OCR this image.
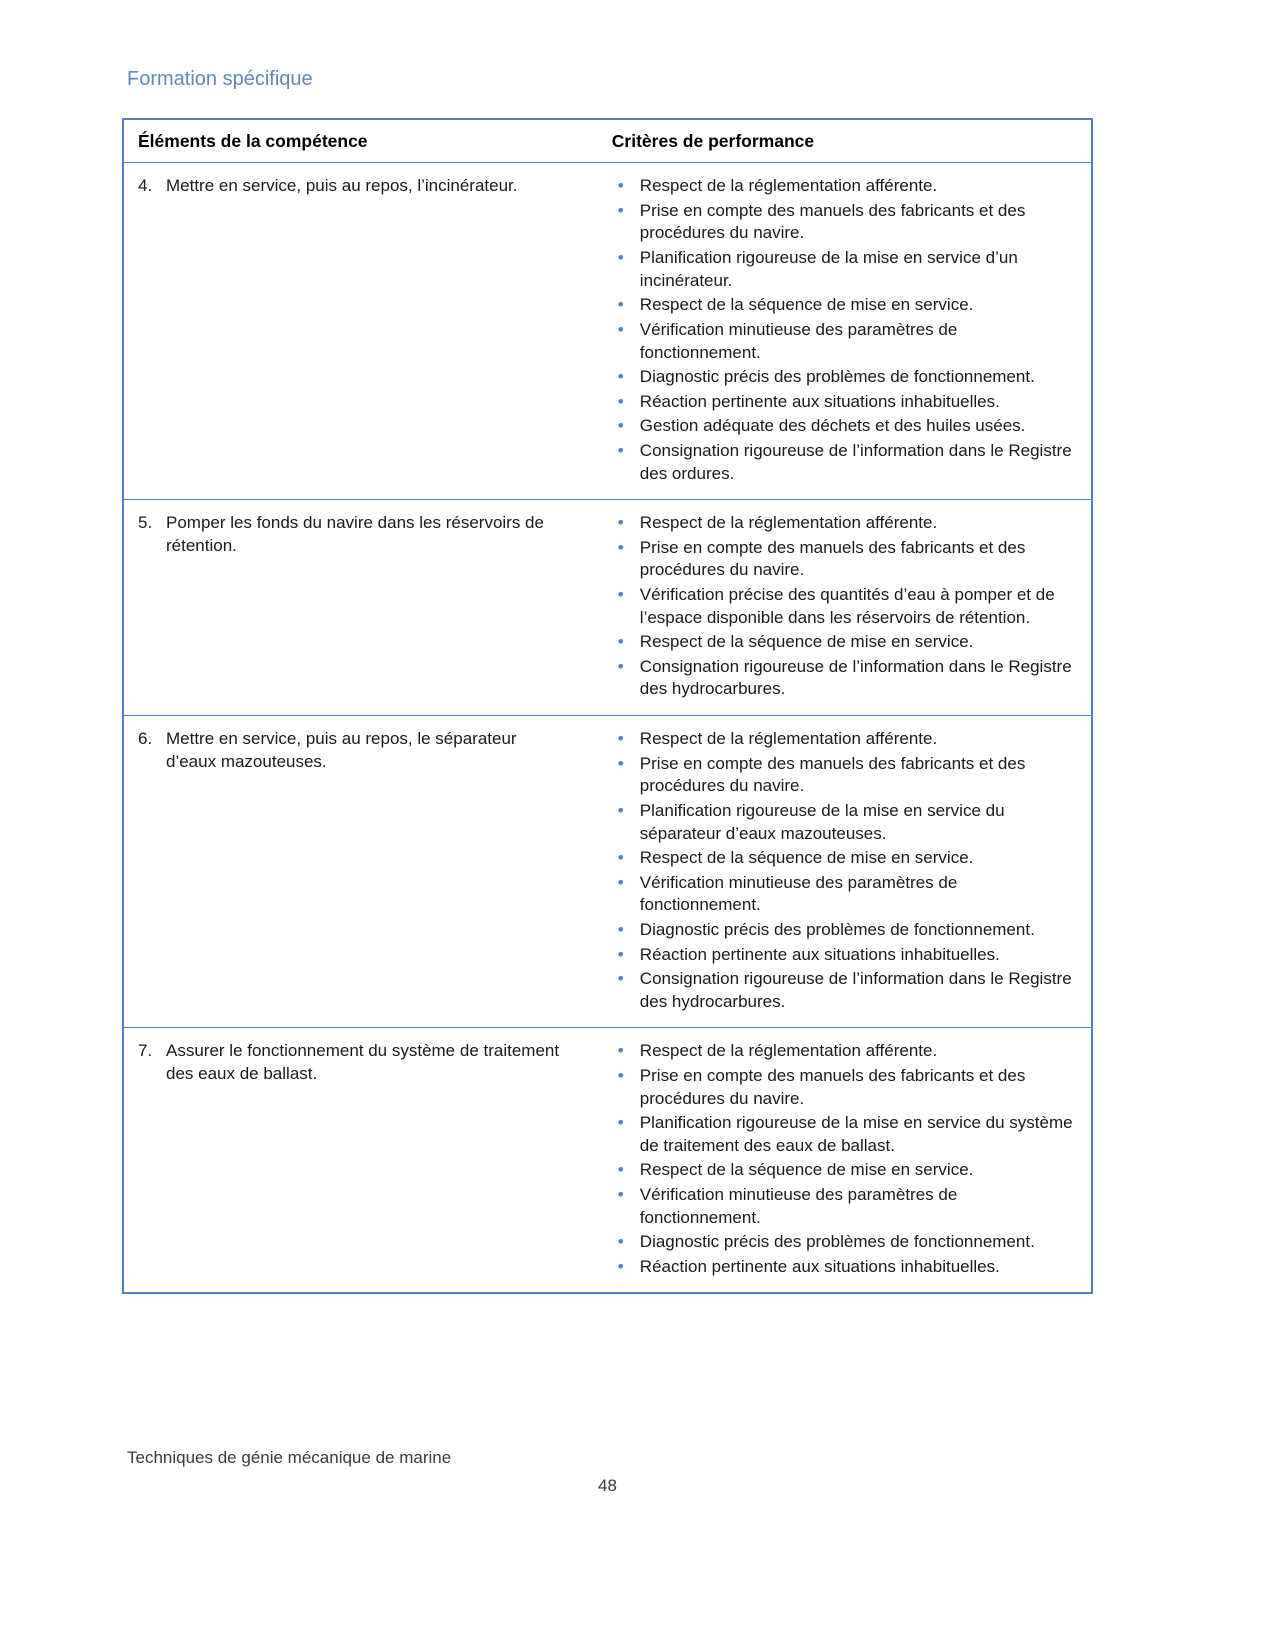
Formation spécifique
Éléments de la compétence	Critères de performance

4. Mettre en service, puis au repos, l’incinérateur.

•Respect de la réglementation afférente.
• Prise en compte des manuels des fabricants et des procédures du navire.
• Planification rigoureuse de la mise en service d’un incinérateur.
• Respect de la séquence de mise en service.
• Vérification minutieuse des paramètres de fonctionnement.
• Diagnostic précis des problèmes de fonctionnement.
• Réaction pertinente aux situations inhabituelles.
• Gestion adéquate des déchets et des huiles usées.
• Consignation rigoureuse de l’information dans le Registre des ordures.

5. Pomper les fonds du navire dans les réservoirs de rétention.

• Respect de la réglementation afférente.
• Prise en compte des manuels des fabricants et des procédures du navire.
• Vérification précise des quantités d’eau à pomper et de l’espace disponible dans les réservoirs de rétention.
• Respect de la séquence de mise en service.
• Consignation rigoureuse de l’information dans le Registre des hydrocarbures.

6. Mettre en service, puis au repos, le séparateur d’eaux mazouteuses.

• Respect de la réglementation afférente.
• Prise en compte des manuels des fabricants et des procédures du navire.
• Planification rigoureuse de la mise en service du séparateur d’eaux mazouteuses.
• Respect de la séquence de mise en service.
• Vérification minutieuse des paramètres de fonctionnement.
• Diagnostic précis des problèmes de fonctionnement.
• Réaction pertinente aux situations inhabituelles.
• Consignation rigoureuse de l’information dans le Registre des hydrocarbures.

7. Assurer le fonctionnement du système de traitement des eaux de ballast.

• Respect de la réglementation afférente.
• Prise en compte des manuels des fabricants et des procédures du navire.
• Planification rigoureuse de la mise en service du système de traitement des eaux de ballast.
• Respect de la séquence de mise en service.
• Vérification minutieuse des paramètres de fonctionnement.
• Diagnostic précis des problèmes de fonctionnement.
• Réaction pertinente aux situations inhabituelles.
Techniques de génie mécanique de marine
48
